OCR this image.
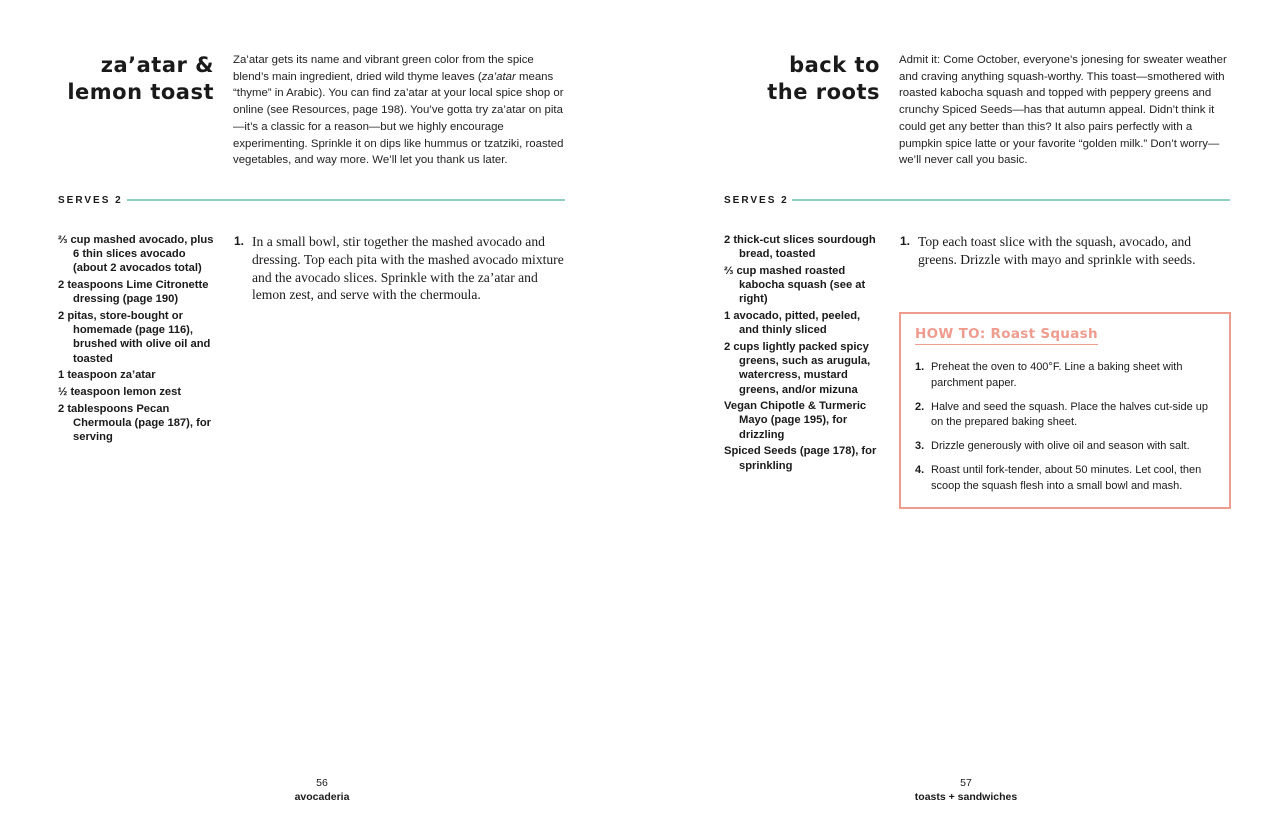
za’atar &
lemon toast

Za’atar gets its name and vibrant green color from the spice blend’s main ingredient, dried wild thyme leaves (za’atar means “thyme” in Arabic). You can find za’atar at your local spice shop or online (see Resources, page 198). You’ve gotta try za’atar on pita—it’s a classic for a reason—but we highly encourage experimenting. Sprinkle it on dips like hummus or tzatziki, roasted vegetables, and way more. We’ll let you thank us later.

SERVES 2
⅔ cup mashed avocado, plus 6 thin slices avocado (about 2 avocados total)
2 teaspoons Lime Citronette dressing (page 190)
2 pitas, store-bought or homemade (page 116), brushed with olive oil and toasted
1 teaspoon za’atar
½ teaspoon lemon zest
2 tablespoons Pecan Chermoula (page 187), for serving
1. In a small bowl, stir together the mashed avocado and dressing. Top each pita with the mashed avocado mixture and the avocado slices. Sprinkle with the za’atar and lemon zest, and serve with the chermoula.
56
avocaderia
back to
the roots

Admit it: Come October, everyone’s jonesing for sweater weather and craving anything squash-worthy. This toast—smothered with roasted kabocha squash and topped with peppery greens and crunchy Spiced Seeds—has that autumn appeal. Didn’t think it could get any better than this? It also pairs perfectly with a pumpkin spice latte or your favorite “golden milk.” Don’t worry—we’ll never call you basic.

SERVES 2
2 thick-cut slices sourdough bread, toasted
⅔ cup mashed roasted kabocha squash (see at right)
1 avocado, pitted, peeled, and thinly sliced
2 cups lightly packed spicy greens, such as arugula, watercress, mustard greens, and/or mizuna
Vegan Chipotle & Turmeric Mayo (page 195), for drizzling
Spiced Seeds (page 178), for sprinkling
1. Top each toast slice with the squash, avocado, and greens. Drizzle with mayo and sprinkle with seeds.
HOW TO: Roast Squash
1. Preheat the oven to 400°F. Line a baking sheet with parchment paper.
2. Halve and seed the squash. Place the halves cut-side up on the prepared baking sheet.
3. Drizzle generously with olive oil and season with salt.
4. Roast until fork-tender, about 50 minutes. Let cool, then scoop the squash flesh into a small bowl and mash.
57
toasts + sandwiches
